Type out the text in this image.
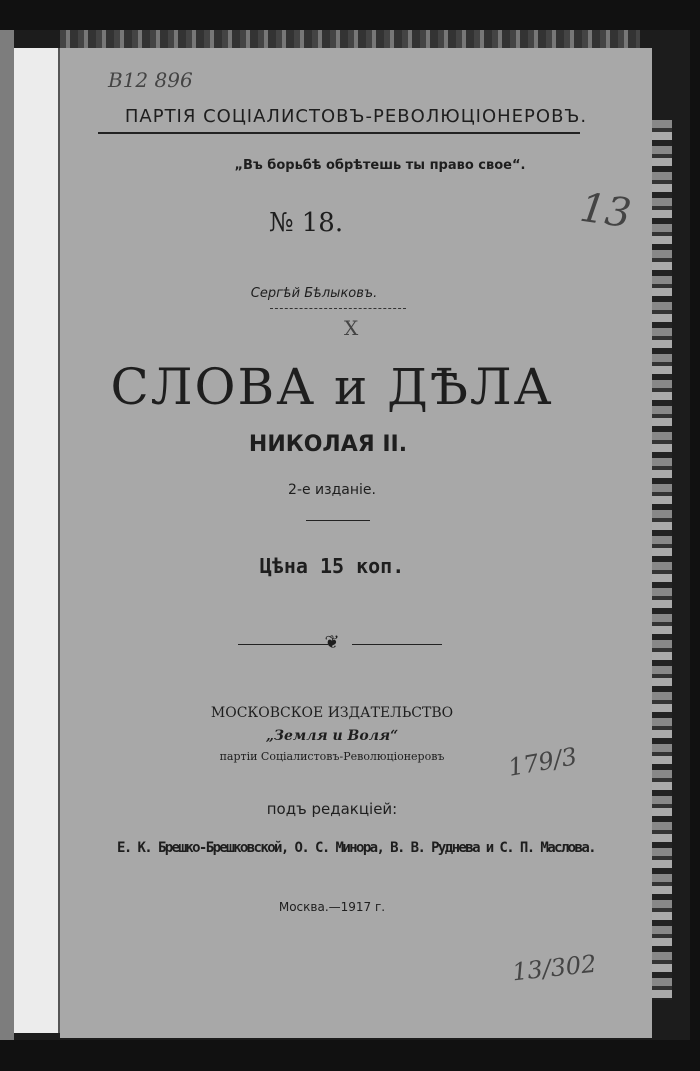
В12 896
ПАРТІЯ СОЦІАЛИСТОВЪ-РЕВОЛЮЦІОНЕРОВЪ.
„Въ борьбѣ обрѣтешь ты право свое“.
№ 18.	13
Сергѣй Бѣлыковъ.
X
СЛОВА и ДѢЛА
НИКОЛАЯ II.
2-е изданіе.
Цѣна 15 коп.
❦
МОСКОВСКОЕ ИЗДАТЕЛЬСТВО
„Земля и Воля“
партіи Соціалистовъ-Революціонеровъ	179/3
подъ редакціей:
Е. К. Брешко-Брешковской, О. С. Минора, В. В. Руднева и С. П. Маслова.
Москва.—1917 г.
13/302
